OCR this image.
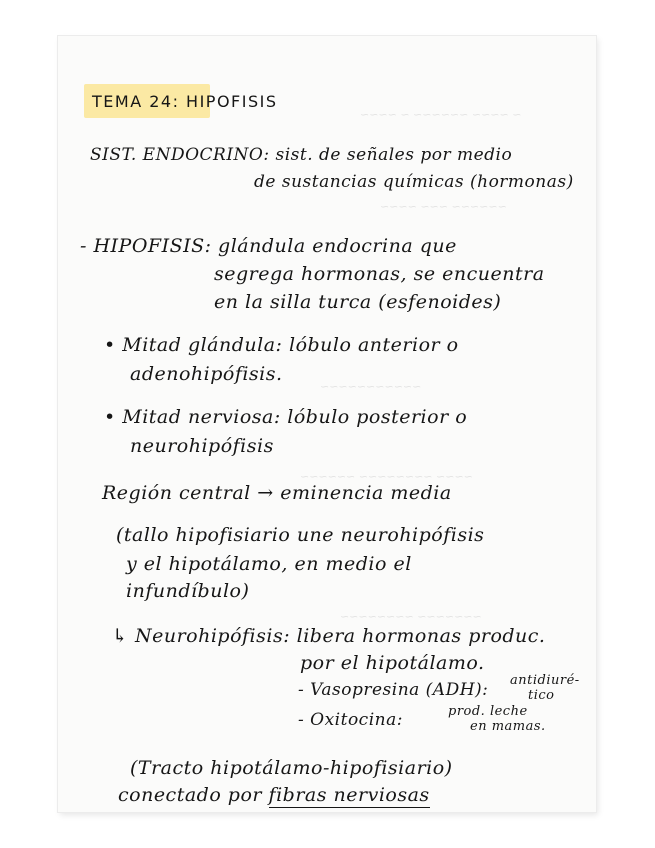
~ ~~~~ ~~~~~~ ~ ~~~~
~~~~~~ ~~~ ~~~~
~~~~~~~~~~~
~~~~ ~~~~~~~~ ~~~~~~
~~~~~~~ ~~~~~~~~
TEMA 24: HIPOFISIS
SIST. ENDOCRINO: sist. de señales por medio
de sustancias químicas (hormonas)
- HIPOFISIS: glándula endocrina que
segrega hormonas, se encuentra
en la silla turca (esfenoides)
• Mitad glándula: lóbulo anterior o
adenohipófisis.
• Mitad nerviosa: lóbulo posterior o
neurohipófisis
Región central → eminencia media
(tallo hipofisiario une neurohipófisis
y el hipotálamo, en medio el
infundíbulo)
↳ Neurohipófisis: libera hormonas produc.
por el hipotálamo.
- Vasopresina (ADH): antidiuré-
tico
- Oxitocina:	prod. leche
en mamas.
(Tracto hipotálamo-hipofisiario)
conectado por fibras nerviosas
